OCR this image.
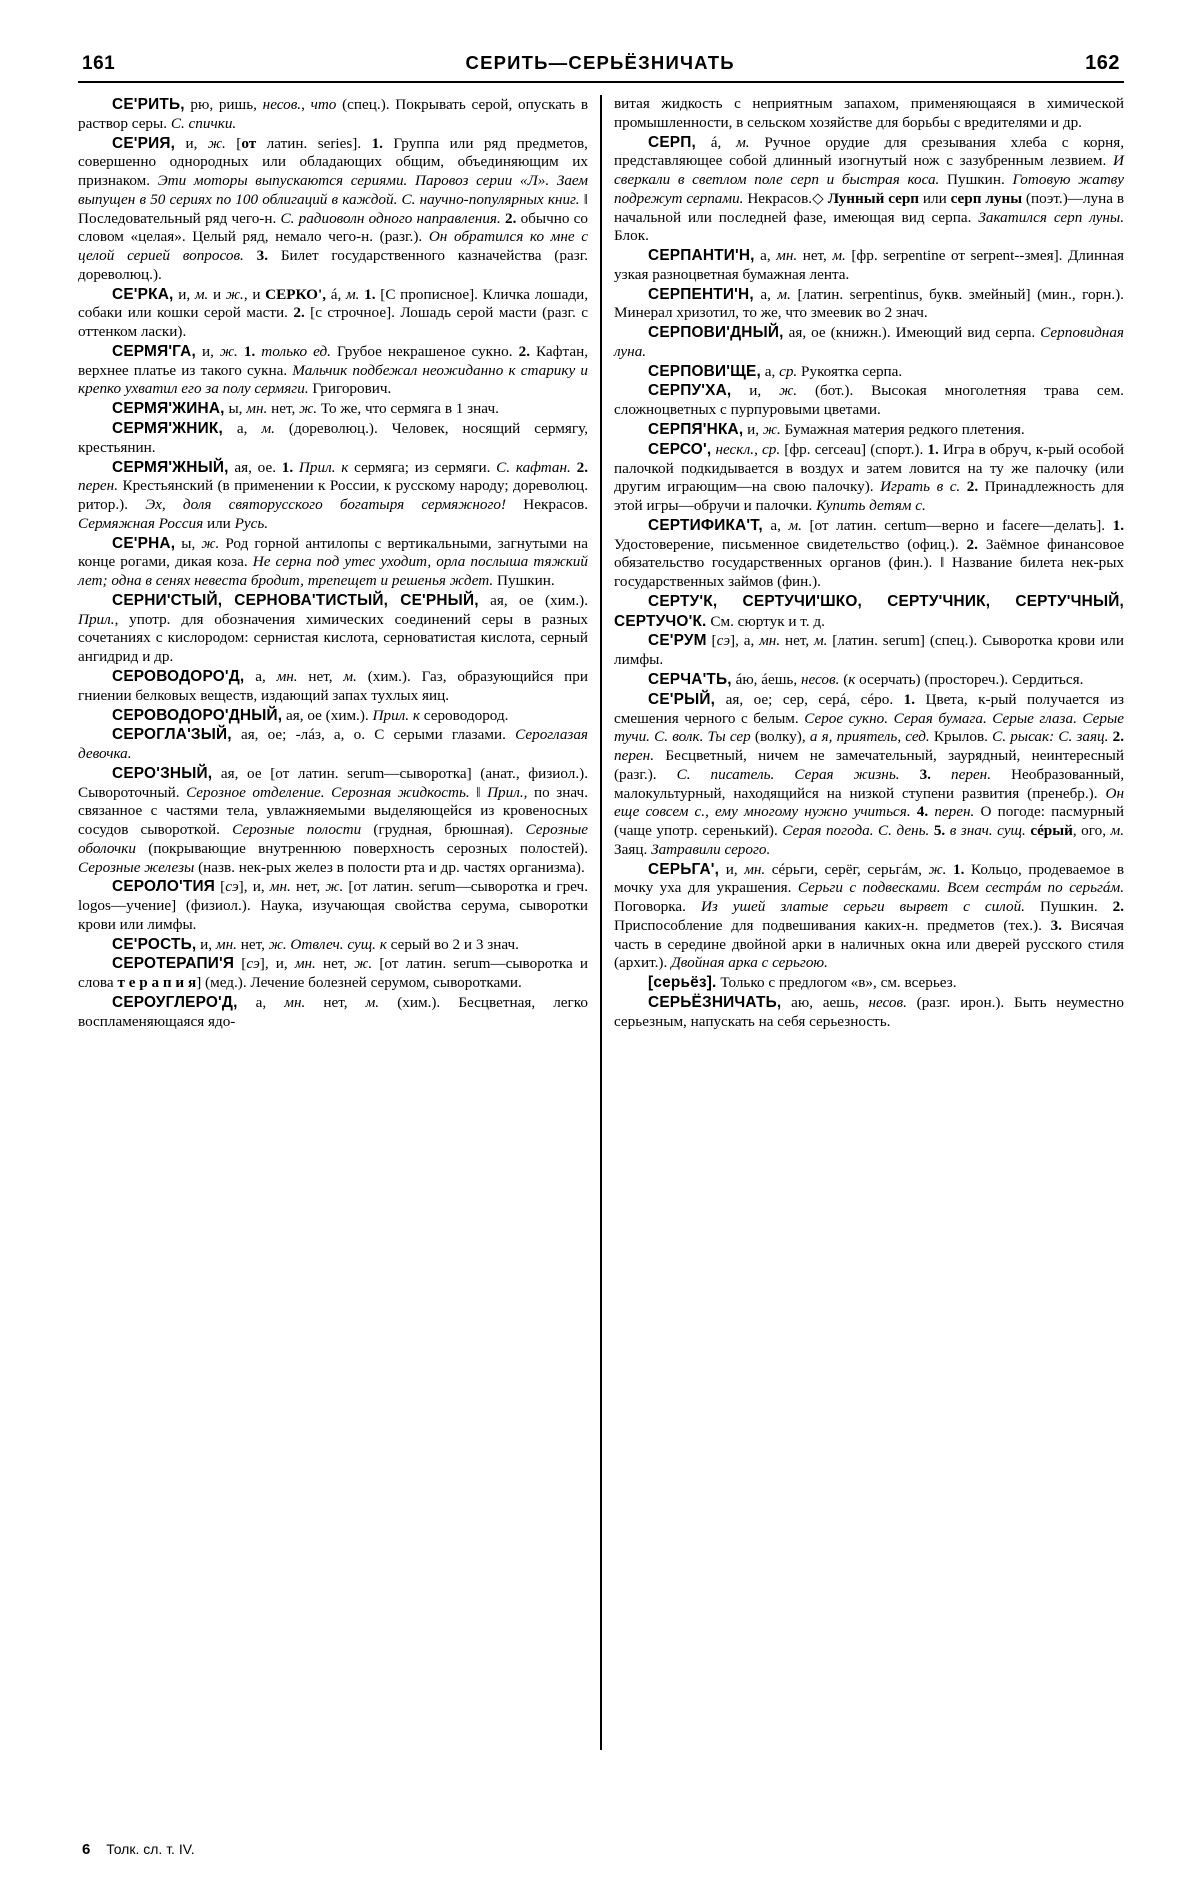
161	СЕРИТЬ—СЕРЬЁЗНИЧАТЬ	162

СЕ'РИТЬ, рю, ришь, несов., что (спец.). Покрывать серой, опускать в раствор серы. С. спички.

СЕ'РИЯ, и, ж. [от латин. series]. 1. Группа или ряд предметов, совершенно однородных или обладающих общим, объединяющим их признаком. Эти моторы выпускаются сериями. Паровоз серии «Л». Заем выпущен в 50 сериях по 100 облигаций в каждой. С. научно-популярных книг. ‖ Последовательный ряд чего-н. С. радиоволн одного направления. 2. обычно со словом «целая». Целый ряд, немало чего-н. (разг.). Он обратился ко мне с целой серией вопросов. 3. Билет государственного казначейства (разг. дореволюц.).

СЕ'РКА, и, м. и ж., и СЕРКО', á, м. 1. [С прописное]. Кличка лошади, собаки или кошки серой масти. 2. [с строчное]. Лошадь серой масти (разг. с оттенком ласки).

СЕРМЯ'ГА, и, ж. 1. только ед. Грубое некрашеное сукно. 2. Кафтан, верхнее платье из такого сукна. Мальчик подбежал неожиданно к старику и крепко ухватил его за полу сермяги. Григорович.

СЕРМЯ'ЖИНА, ы, мн. нет, ж. То же, что сермяга в 1 знач.

СЕРМЯ'ЖНИК, а, м. (дореволюц.). Человек, носящий сермягу, крестьянин.

СЕРМЯ'ЖНЫЙ, ая, ое. 1. Прил. к сермяга; из сермяги. С. кафтан. 2. перен. Крестьянский (в применении к России, к русскому народу; дореволюц. ритор.). Эх, доля святорусского богатыря сермяжного! Некрасов. Сермяжная Россия или Русь.

СЕ'РНА, ы, ж. Род горной антилопы с вертикальными, загнутыми на конце рогами, дикая коза. Не серна под утес уходит, орла послыша тяжкий лет; одна в сенях невеста бродит, трепещет и решенья ждет. Пушкин.

СЕРНИ'СТЫЙ, СЕРНОВА'ТИСТЫЙ, СЕ'РНЫЙ, ая, ое (хим.). Прил., употр. для обозначения химических соединений серы в разных сочетаниях с кислородом: сернистая кислота, серноватистая кислота, серный ангидрид и др.

СЕРОВОДОРО'Д, а, мн. нет, м. (хим.). Газ, образующийся при гниении белковых веществ, издающий запах тухлых яиц.

СЕРОВОДОРО'ДНЫЙ, ая, ое (хим.). Прил. к сероводород.

СЕРОГЛА'ЗЫЙ, ая, ое; -лáз, а, о. С серыми глазами. Сероглазая девочка.

СЕРО'ЗНЫЙ, ая, ое [от латин. serum—сыворотка] (анат., физиол.). Сывороточный. Серозное отделение. Серозная жидкость. ‖ Прил., по знач. связанное с частями тела, увлажняемыми выделяющейся из кровеносных сосудов сывороткой. Серозные полости (грудная, брюшная). Серозные оболочки (покрывающие внутреннюю поверхность серозных полостей). Серозные железы (назв. нек-рых желез в полости рта и др. частях организма).

СЕРОЛО'ТИЯ [сэ], и, мн. нет, ж. [от латин. serum—сыворотка и греч. logos—учение] (физиол.). Наука, изучающая свойства серума, сыворотки крови или лимфы.

СЕ'РОСТЬ, и, мн. нет, ж. Отвлеч. сущ. к серый во 2 и 3 знач.

СЕРОТЕРАПИ'Я [сэ], и, мн. нет, ж. [от латин. serum—сыворотка и слова т е р а п и я] (мед.). Лечение болезней серумом, сыворотками.

СЕРОУГЛЕРО'Д, а, мн. нет, м. (хим.). Бесцветная, легко воспламеняющаяся ядо-

витая жидкость с неприятным запахом, применяющаяся в химической промышленности, в сельском хозяйстве для борьбы с вредителями и др.

СЕРП, á, м. Ручное орудие для срезывания хлеба с корня, представляющее собой длинный изогнутый нож с зазубренным лезвием. И сверкали в светлом поле серп и быстрая коса. Пушкин. Готовую жатву подрежут серпами. Некрасов.◇ Лунный серп или серп луны (поэт.)—луна в начальной или последней фазе, имеющая вид серпа. Закатился серп луны. Блок.

СЕРПАНТИ'Н, а, мн. нет, м. [фр. serpentine от serpent--змея]. Длинная узкая разноцветная бумажная лента.

СЕРПЕНТИ'Н, а, м. [латин. serpentinus, букв. змейный] (мин., горн.). Минерал хризотил, то же, что змеевик во 2 знач.

СЕРПОВИ'ДНЫЙ, ая, ое (книжн.). Имеющий вид серпа. Серповидная луна.

СЕРПОВИ'ЩЕ, а, ср. Рукоятка серпа.

СЕРПУ'ХА, и, ж. (бот.). Высокая многолетняя трава сем. сложноцветных с пурпуровыми цветами.

СЕРПЯ'НКА, и, ж. Бумажная материя редкого плетения.

СЕРСО', нескл., ср. [фр. cerceau] (спорт.). 1. Игра в обруч, к-рый особой палочкой подкидывается в воздух и затем ловится на ту же палочку (или другим играющим—на свою палочку). Играть в с. 2. Принадлежность для этой игры—обручи и палочки. Купить детям с.

СЕРТИФИКА'Т, а, м. [от латин. certum—верно и facere—делать]. 1. Удостоверение, письменное свидетельство (офиц.). 2. Заёмное финансовое обязательство государственных органов (фин.). ‖ Название билета нек-рых государственных займов (фин.).

СЕРТУ'К, СЕРТУЧИ'ШКО, СЕРТУ'ЧНИК, СЕРТУ'ЧНЫЙ, СЕРТУЧО'К. См. сюртук и т. д.

СЕ'РУМ [сэ], а, мн. нет, м. [латин. serum] (спец.). Сыворотка крови или лимфы.

СЕРЧА'ТЬ, áю, áешь, несов. (к осерчать) (простореч.). Сердиться.

СЕ'РЫЙ, ая, ое; сер, серá, сéро. 1. Цвета, к-рый получается из смешения черного с белым. Серое сукно. Серая бумага. Серые глаза. Серые тучи. С. волк. Ты сер (волку), а я, приятель, сед. Крылов. С. рысак: С. заяц. 2. перен. Бесцветный, ничем не замечательный, заурядный, неинтересный (разг.). С. писатель. Серая жизнь. 3. перен. Необразованный, малокультурный, находящийся на низкой ступени развития (пренебр.). Он еще совсем с., ему многому нужно учиться. 4. перен. О погоде: пасмурный (чаще употр. серенький). Серая погода. С. день. 5. в знач. сущ. сéрый, ого, м. Заяц. Затравили серого.

СЕРЬГА', и, мн. сéрьги, серёг, серьгáм, ж. 1. Кольцо, продеваемое в мочку уха для украшения. Серьги с подвесками. Всем сестрáм по серьгáм. Поговорка. Из ушей златые серьги вырвет с силой. Пушкин. 2. Приспособление для подвешивания каких-н. предметов (тех.). 3. Висячая часть в середине двойной арки в наличных окна или дверей русского стиля (архит.). Двойная арка с серьгою.

[серьёз]. Только с предлогом «в», см. всерьез.

СЕРЬЁЗНИЧАТЬ, аю, аешь, несов. (разг. ирон.). Быть неуместно серьезным, напускать на себя серьезность.

6 Толк. сл. т. IV.
